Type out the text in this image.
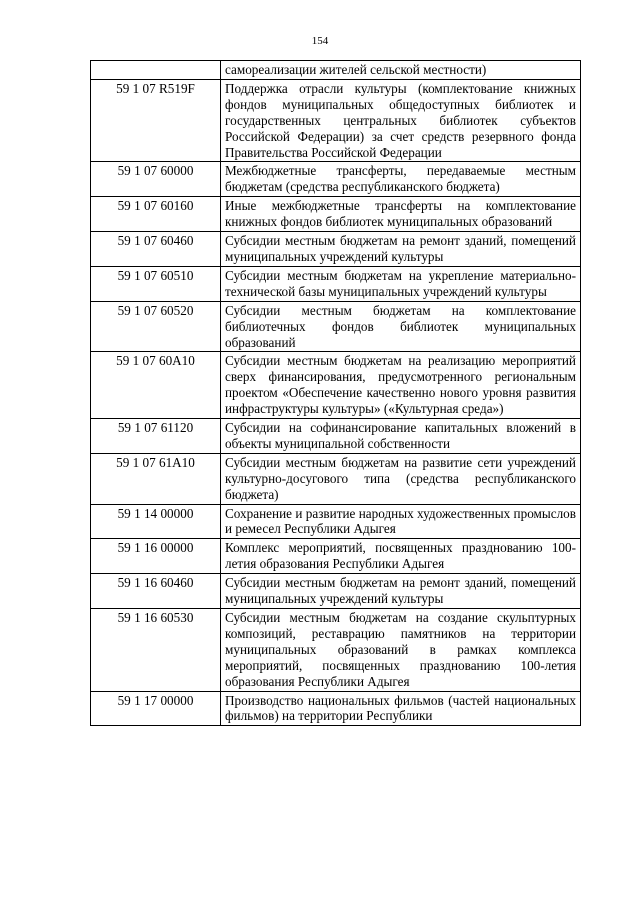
154
	самореализации жителей сельской местности)
59 1 07 R519F	Поддержка отрасли культуры (комплектование книжных фондов муниципальных общедоступных библиотек и государственных центральных библиотек субъектов Российской Федерации) за счет средств резервного фонда Правительства Российской Федерации
59 1 07 60000	Межбюджетные трансферты, передаваемые местным бюджетам (средства республиканского бюджета)
59 1 07 60160	Иные межбюджетные трансферты на комплектование книжных фондов библиотек муниципальных образований
59 1 07 60460	Субсидии местным бюджетам на ремонт зданий, помещений муниципальных учреждений культуры
59 1 07 60510	Субсидии местным бюджетам на укрепление материально-технической базы муниципальных учреждений культуры
59 1 07 60520	Субсидии местным бюджетам на комплектование библиотечных фондов библиотек муниципальных образований
59 1 07 60А10	Субсидии местным бюджетам на реализацию мероприятий сверх финансирования, предусмотренного региональным проектом «Обеспечение качественно нового уровня развития инфраструктуры культуры» («Культурная среда»)
59 1 07 61120	Субсидии на софинансирование капитальных вложений в объекты муниципальной собственности
59 1 07 61А10	Субсидии местным бюджетам на развитие сети учреждений культурно-досугового типа (средства республиканского бюджета)
59 1 14 00000	Сохранение и развитие народных художественных промыслов и ремесел Республики Адыгея
59 1 16 00000	Комплекс мероприятий, посвященных празднованию 100-летия образования Республики Адыгея
59 1 16 60460	Субсидии местным бюджетам на ремонт зданий, помещений муниципальных учреждений культуры
59 1 16 60530	Субсидии местным бюджетам на создание скульптурных композиций, реставрацию памятников на территории муниципальных образований в рамках комплекса мероприятий, посвященных празднованию 100-летия образования Республики Адыгея
59 1 17 00000	Производство национальных фильмов (частей национальных фильмов) на территории Республики
